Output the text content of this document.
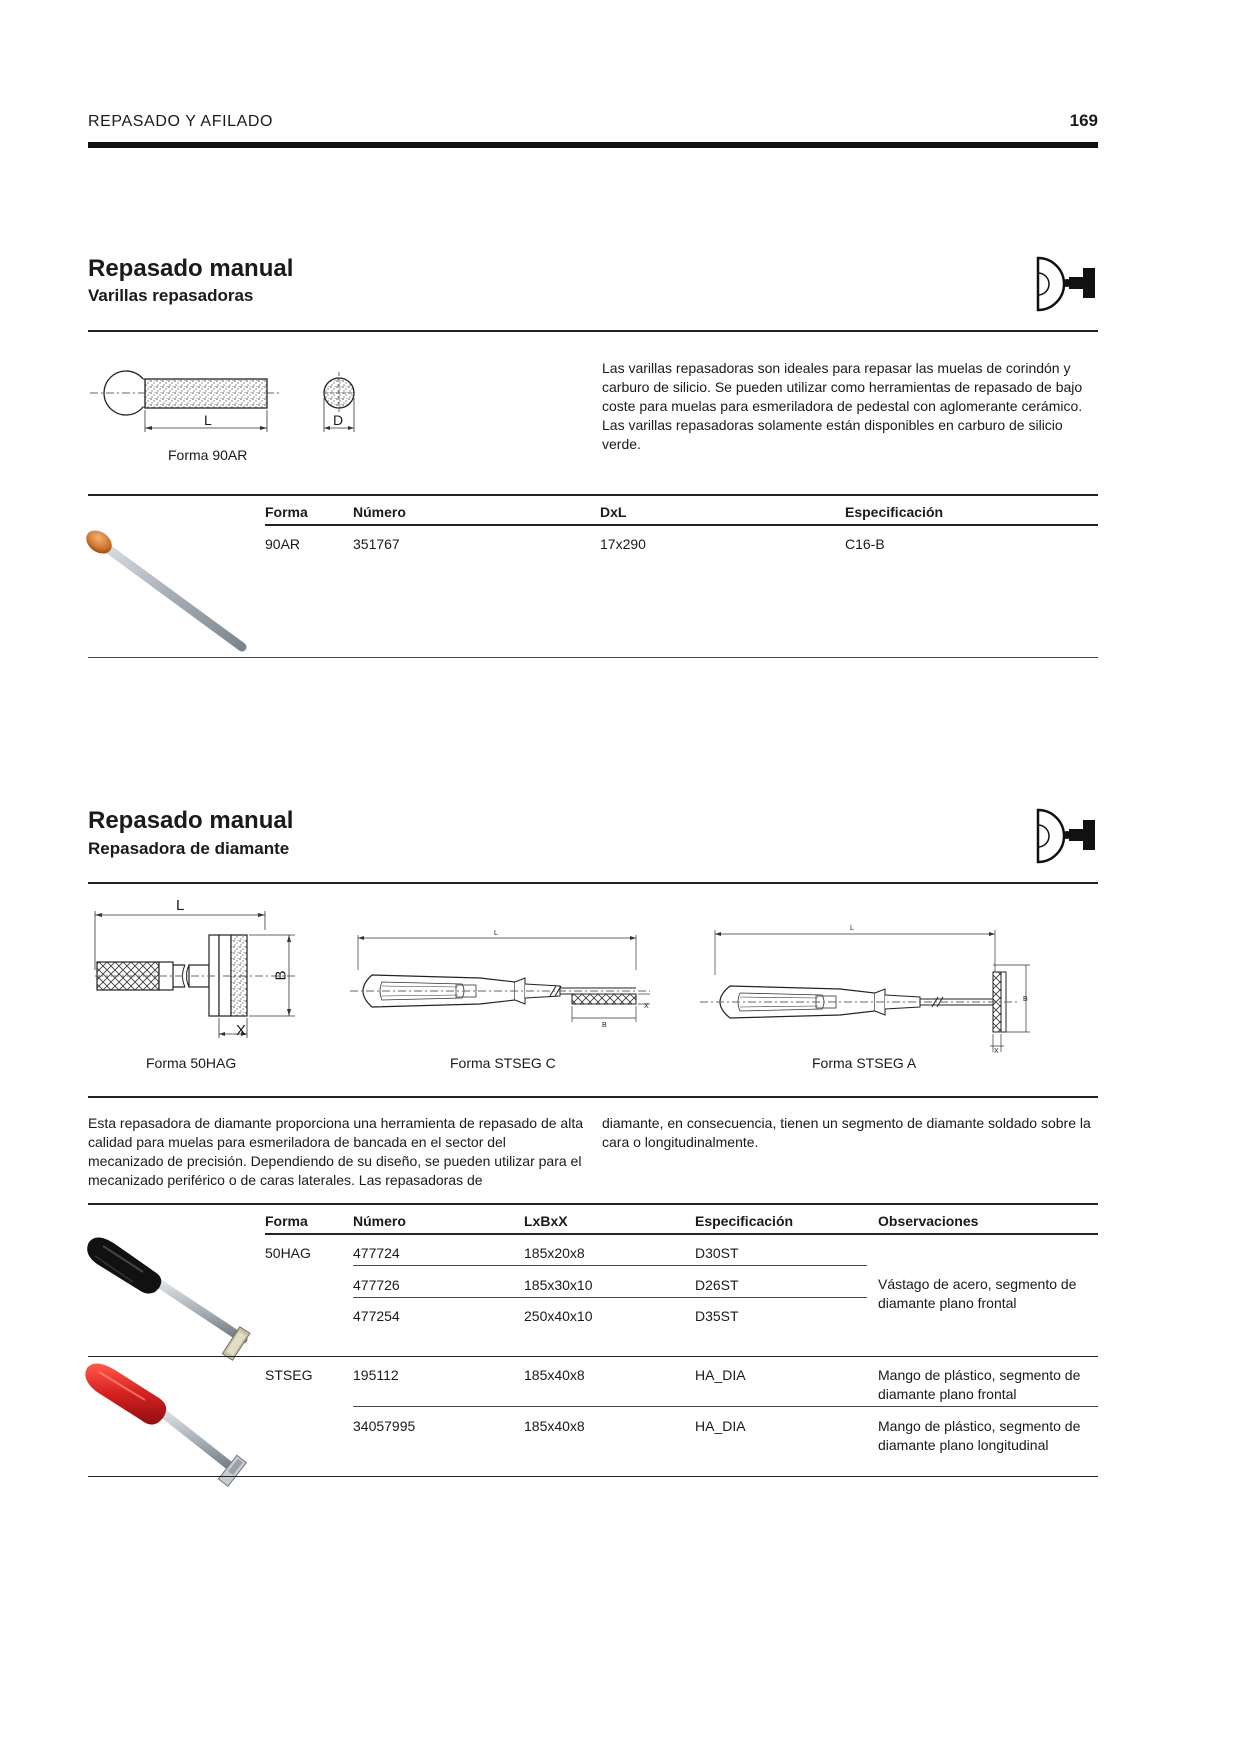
REPASADO Y AFILADO	169
Repasado manual
Varillas repasadoras
L	D
Forma 90AR
Las varillas repasadoras son ideales para repasar las muelas de corindón y carburo de silicio. Se pueden utilizar como herramientas de repasado de bajo coste para muelas para esmeriladora de pedestal con aglomerante cerámico.
Las varillas repasadoras solamente están disponibles en carburo de silicio verde.
Forma	Número	DxL	Especificación
90AR	351767	17x290	C16-B
Repasado manual
Repasadora de diamante
L
B
X
Forma 50HAG
L
B
X
Forma STSEG C
L
B
X
Forma STSEG A
Esta repasadora de diamante proporciona una herramienta de repasado de alta calidad para muelas para esmeriladora de bancada en el sector del mecanizado de precisión. Dependiendo de su diseño, se pueden utilizar para el mecanizado periférico o de caras laterales. Las repasadoras de
diamante, en consecuencia, tienen un segmento de diamante soldado sobre la cara o longitudinalmente.
Forma	Número	LxBxX	Especificación	Observaciones
50HAG	477724	185x20x8	D30ST
477726	185x30x10	D26ST
477254	250x40x10	D35ST
Vástago de acero, segmento de diamante plano frontal
STSEG	195112	185x40x8	HA_DIA	Mango de plástico, segmento de diamante plano frontal
34057995	185x40x8	HA_DIA	Mango de plástico, segmento de diamante plano longitudinal
